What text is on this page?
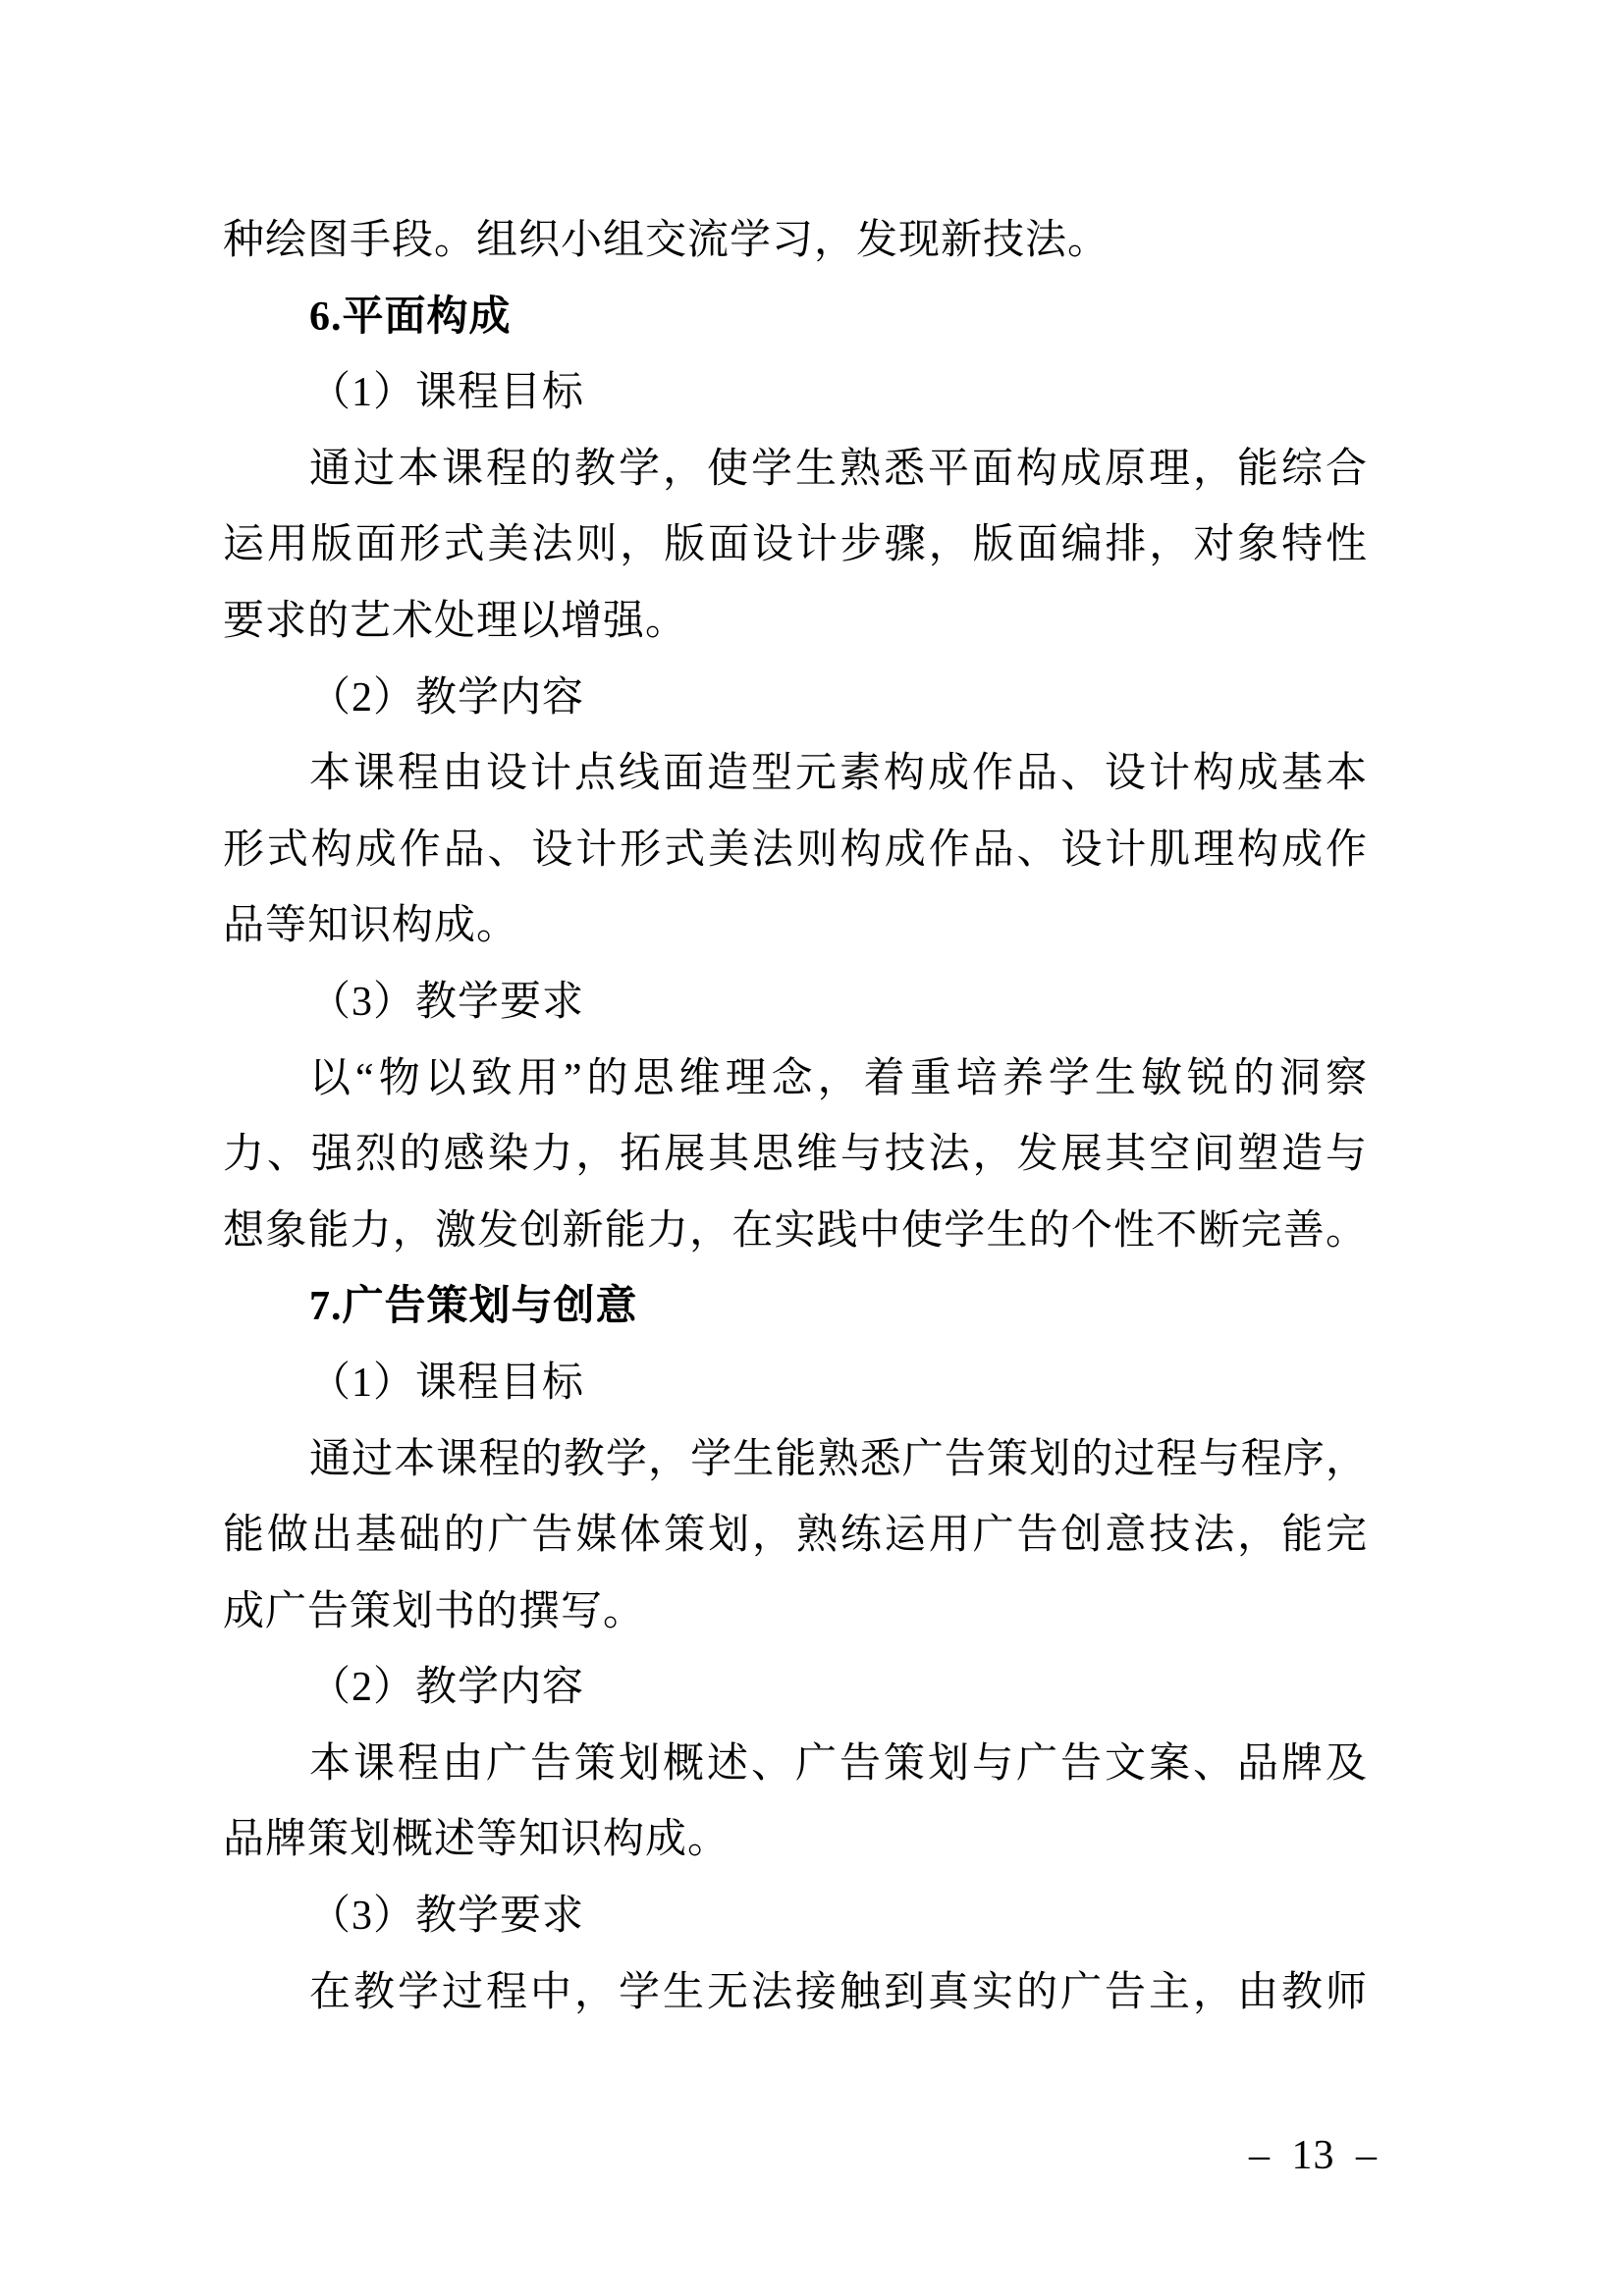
种绘图手段。组织小组交流学习，发现新技法。
6.平面构成
（1）课程目标
通过本课程的教学，使学生熟悉平面构成原理，能综合
运用版面形式美法则，版面设计步骤，版面编排，对象特性
要求的艺术处理以增强。
（2）教学内容
本课程由设计点线面造型元素构成作品、设计构成基本
形式构成作品、设计形式美法则构成作品、设计肌理构成作
品等知识构成。
（3）教学要求
以“物以致用”的思维理念，着重培养学生敏锐的洞察
力、强烈的感染力，拓展其思维与技法，发展其空间塑造与
想象能力，激发创新能力，在实践中使学生的个性不断完善。
7.广告策划与创意
（1）课程目标
通过本课程的教学，学生能熟悉广告策划的过程与程序，
能做出基础的广告媒体策划，熟练运用广告创意技法，能完
成广告策划书的撰写。
（2）教学内容
本课程由广告策划概述、广告策划与广告文案、品牌及
品牌策划概述等知识构成。
（3）教学要求
在教学过程中，学生无法接触到真实的广告主，由教师
– 13 –
